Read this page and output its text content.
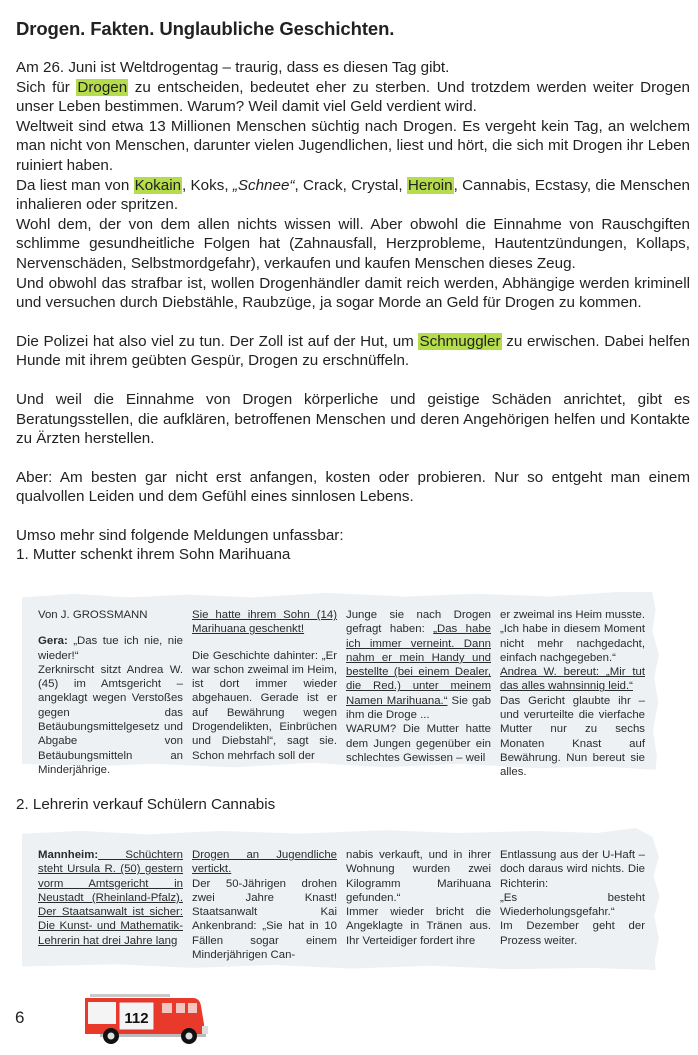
Drogen. Fakten. Unglaubliche Geschichten.

Am 26. Juni ist Weltdrogentag – traurig, dass es diesen Tag gibt.

Sich für Drogen zu entscheiden, bedeutet eher zu sterben. Und trotzdem werden weiter Drogen unser Leben bestimmen. Warum? Weil damit viel Geld verdient wird.

Weltweit sind etwa 13 Millionen Menschen süchtig nach Drogen. Es vergeht kein Tag, an welchem man nicht von Menschen, darunter vielen Jugendlichen, liest und hört, die sich mit Drogen ihr Leben ruiniert haben.

Da liest man von Kokain, Koks, „Schnee“, Crack, Crystal, Heroin, Cannabis, Ecstasy, die Menschen inhalieren oder spritzen.

Wohl dem, der von dem allen nichts wissen will. Aber obwohl die Einnahme von Rauschgiften schlimme gesundheitliche Folgen hat (Zahnausfall, Herzprobleme, Hautentzündungen, Kollaps, Nervenschäden, Selbstmordgefahr), verkaufen und kaufen Menschen dieses Zeug.

Und obwohl das strafbar ist, wollen Drogenhändler damit reich werden, Abhängige werden kriminell und versuchen durch Diebstähle, Raubzüge, ja sogar Morde an Geld für Drogen zu kommen.

Die Polizei hat also viel zu tun. Der Zoll ist auf der Hut, um Schmuggler zu erwischen. Dabei helfen Hunde mit ihrem geübten Gespür, Drogen zu erschnüffeln.

Und weil die Einnahme von Drogen körperliche und geistige Schäden anrichtet, gibt es Beratungsstellen, die aufklären, betroffenen Menschen und deren Angehörigen helfen und Kontakte zu Ärzten herstellen.

Aber: Am besten gar nicht erst anfangen, kosten oder probieren. Nur so entgeht man einem qualvollen Leiden und dem Gefühl eines sinnlosen Lebens.

Umso mehr sind folgende Meldungen unfassbar:

1. Mutter schenkt ihrem Sohn Marihuana

Von J. GROSSMANN

Gera: „Das tue ich nie, nie wieder!“

Zerknirscht sitzt Andrea W. (45) im Amtsgericht – angeklagt wegen Verstoßes gegen das Betäubungsmittelgesetz und Abgabe von Betäubungsmitteln an Minderjährige.

Sie hatte ihrem Sohn (14) Marihuana geschenkt!

Die Geschichte dahinter: „Er war schon zweimal im Heim, ist dort immer wieder abgehauen. Gerade ist er auf Bewährung wegen Drogendelikten, Einbrüchen und Diebstahl“, sagt sie. Schon mehrfach soll der

Junge sie nach Drogen gefragt haben: „Das habe ich immer verneint. Dann nahm er mein Handy und bestellte (bei einem Dealer, die Red.) unter meinem Namen Marihuana.“ Sie gab ihm die Droge ...

WARUM? Die Mutter hatte dem Jungen gegenüber ein schlechtes Gewissen – weil

er zweimal ins Heim musste. „Ich habe in diesem Moment nicht mehr nachgedacht, einfach nachgegeben.“

Andrea W. bereut: „Mir tut das alles wahnsinnig leid.“

Das Gericht glaubte ihr – und verurteilte die vierfache Mutter nur zu sechs Monaten Knast auf Bewährung. Nun bereut sie alles.

2. Lehrerin verkauf Schülern Cannabis

Mannheim: Schüchtern steht Ursula R. (50) gestern vorm Amtsgericht in Neustadt (Rheinland-Pfalz). Der Staatsanwalt ist sicher: Die Kunst- und Mathematik-Lehrerin hat drei Jahre lang

Drogen an Jugendliche vertickt.

Der 50-Jährigen drohen zwei Jahre Knast! Staatsanwalt Kai Ankenbrand: „Sie hat in 10 Fällen sogar einem Minderjährigen Can-

nabis verkauft, und in ihrer Wohnung wurden zwei Kilogramm Marihuana gefunden.“

Immer wieder bricht die Angeklagte in Tränen aus. Ihr Verteidiger fordert ihre

Entlassung aus der U-Haft – doch daraus wird nichts. Die Richterin:

„Es besteht Wiederholungsgefahr.“

Im Dezember geht der Prozess weiter.

6	112
